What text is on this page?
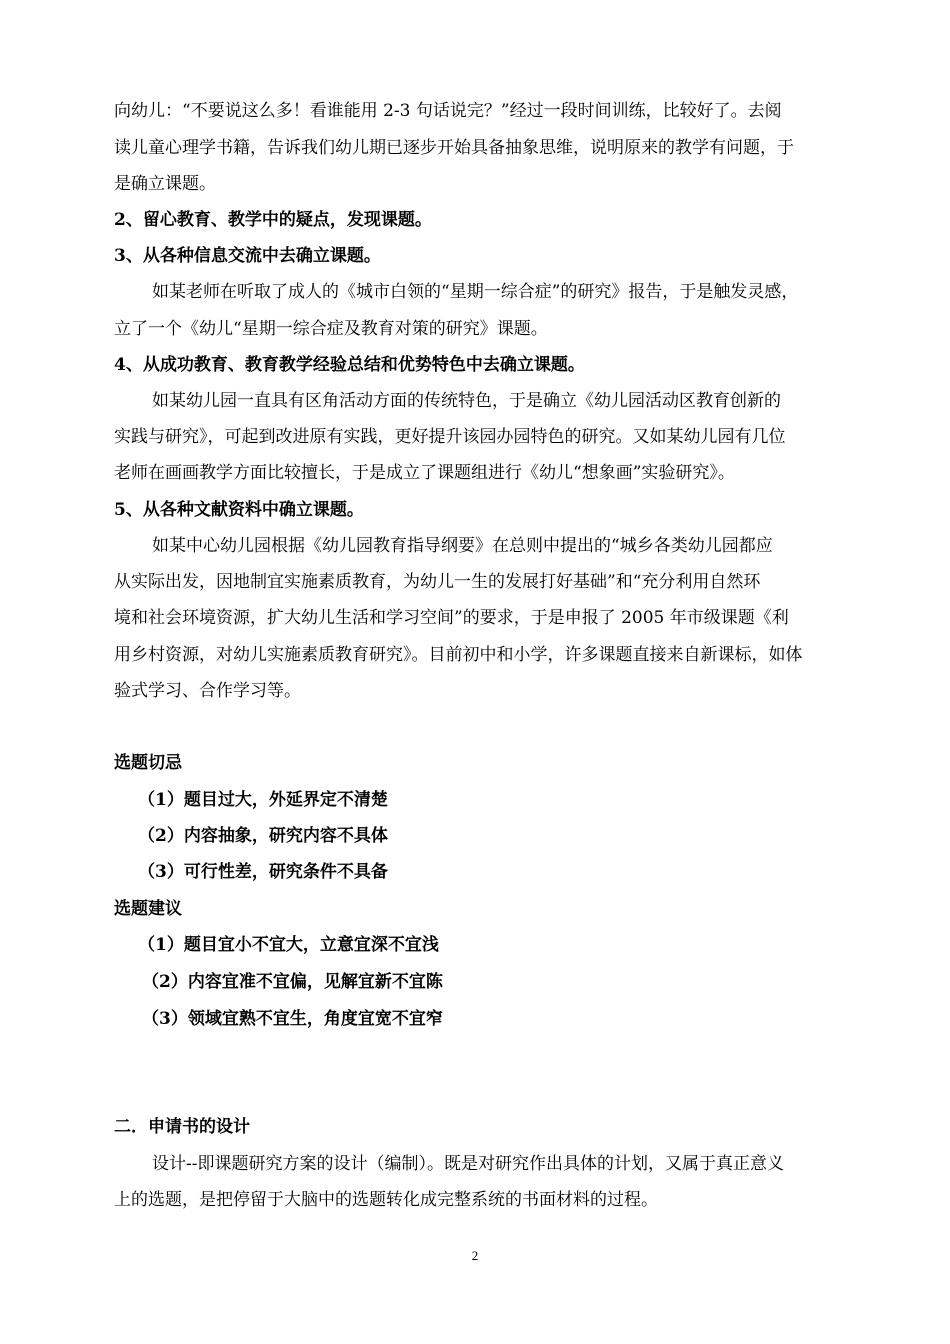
向幼儿：“不要说这么多！看谁能用 2-3 句话说完？”经过一段时间训练，比较好了。去阅
读儿童心理学书籍，告诉我们幼儿期已逐步开始具备抽象思维，说明原来的教学有问题，于
是确立课题。
2、留心教育、教学中的疑点，发现课题。
3、从各种信息交流中去确立课题。
如某老师在听取了成人的《城市白领的“星期一综合症”的研究》报告，于是触发灵感，
立了一个《幼儿“星期一综合症及教育对策的研究》课题。
4、从成功教育、教育教学经验总结和优势特色中去确立课题。
如某幼儿园一直具有区角活动方面的传统特色，于是确立《幼儿园活动区教育创新的
实践与研究》，可起到改进原有实践，更好提升该园办园特色的研究。又如某幼儿园有几位
老师在画画教学方面比较擅长，于是成立了课题组进行《幼儿“想象画”实验研究》。
5、从各种文献资料中确立课题。
如某中心幼儿园根据《幼儿园教育指导纲要》在总则中提出的“城乡各类幼儿园都应
从实际出发，因地制宜实施素质教育，为幼儿一生的发展打好基础”和“充分利用自然环
境和社会环境资源，扩大幼儿生活和学习空间”的要求，于是申报了 2005 年市级课题《利
用乡村资源，对幼儿实施素质教育研究》。目前初中和小学，许多课题直接来自新课标，如体
验式学习、合作学习等。
选题切忌
（1）题目过大，外延界定不清楚
（2）内容抽象，研究内容不具体
（3）可行性差，研究条件不具备
选题建议
（1）题目宜小不宜大，立意宜深不宜浅
（2）内容宜准不宜偏，见解宜新不宜陈
（3）领域宜熟不宜生，角度宜宽不宜窄
二．申请书的设计
设计--即课题研究方案的设计（编制）。既是对研究作出具体的计划，又属于真正意义
上的选题，是把停留于大脑中的选题转化成完整系统的书面材料的过程。
2
